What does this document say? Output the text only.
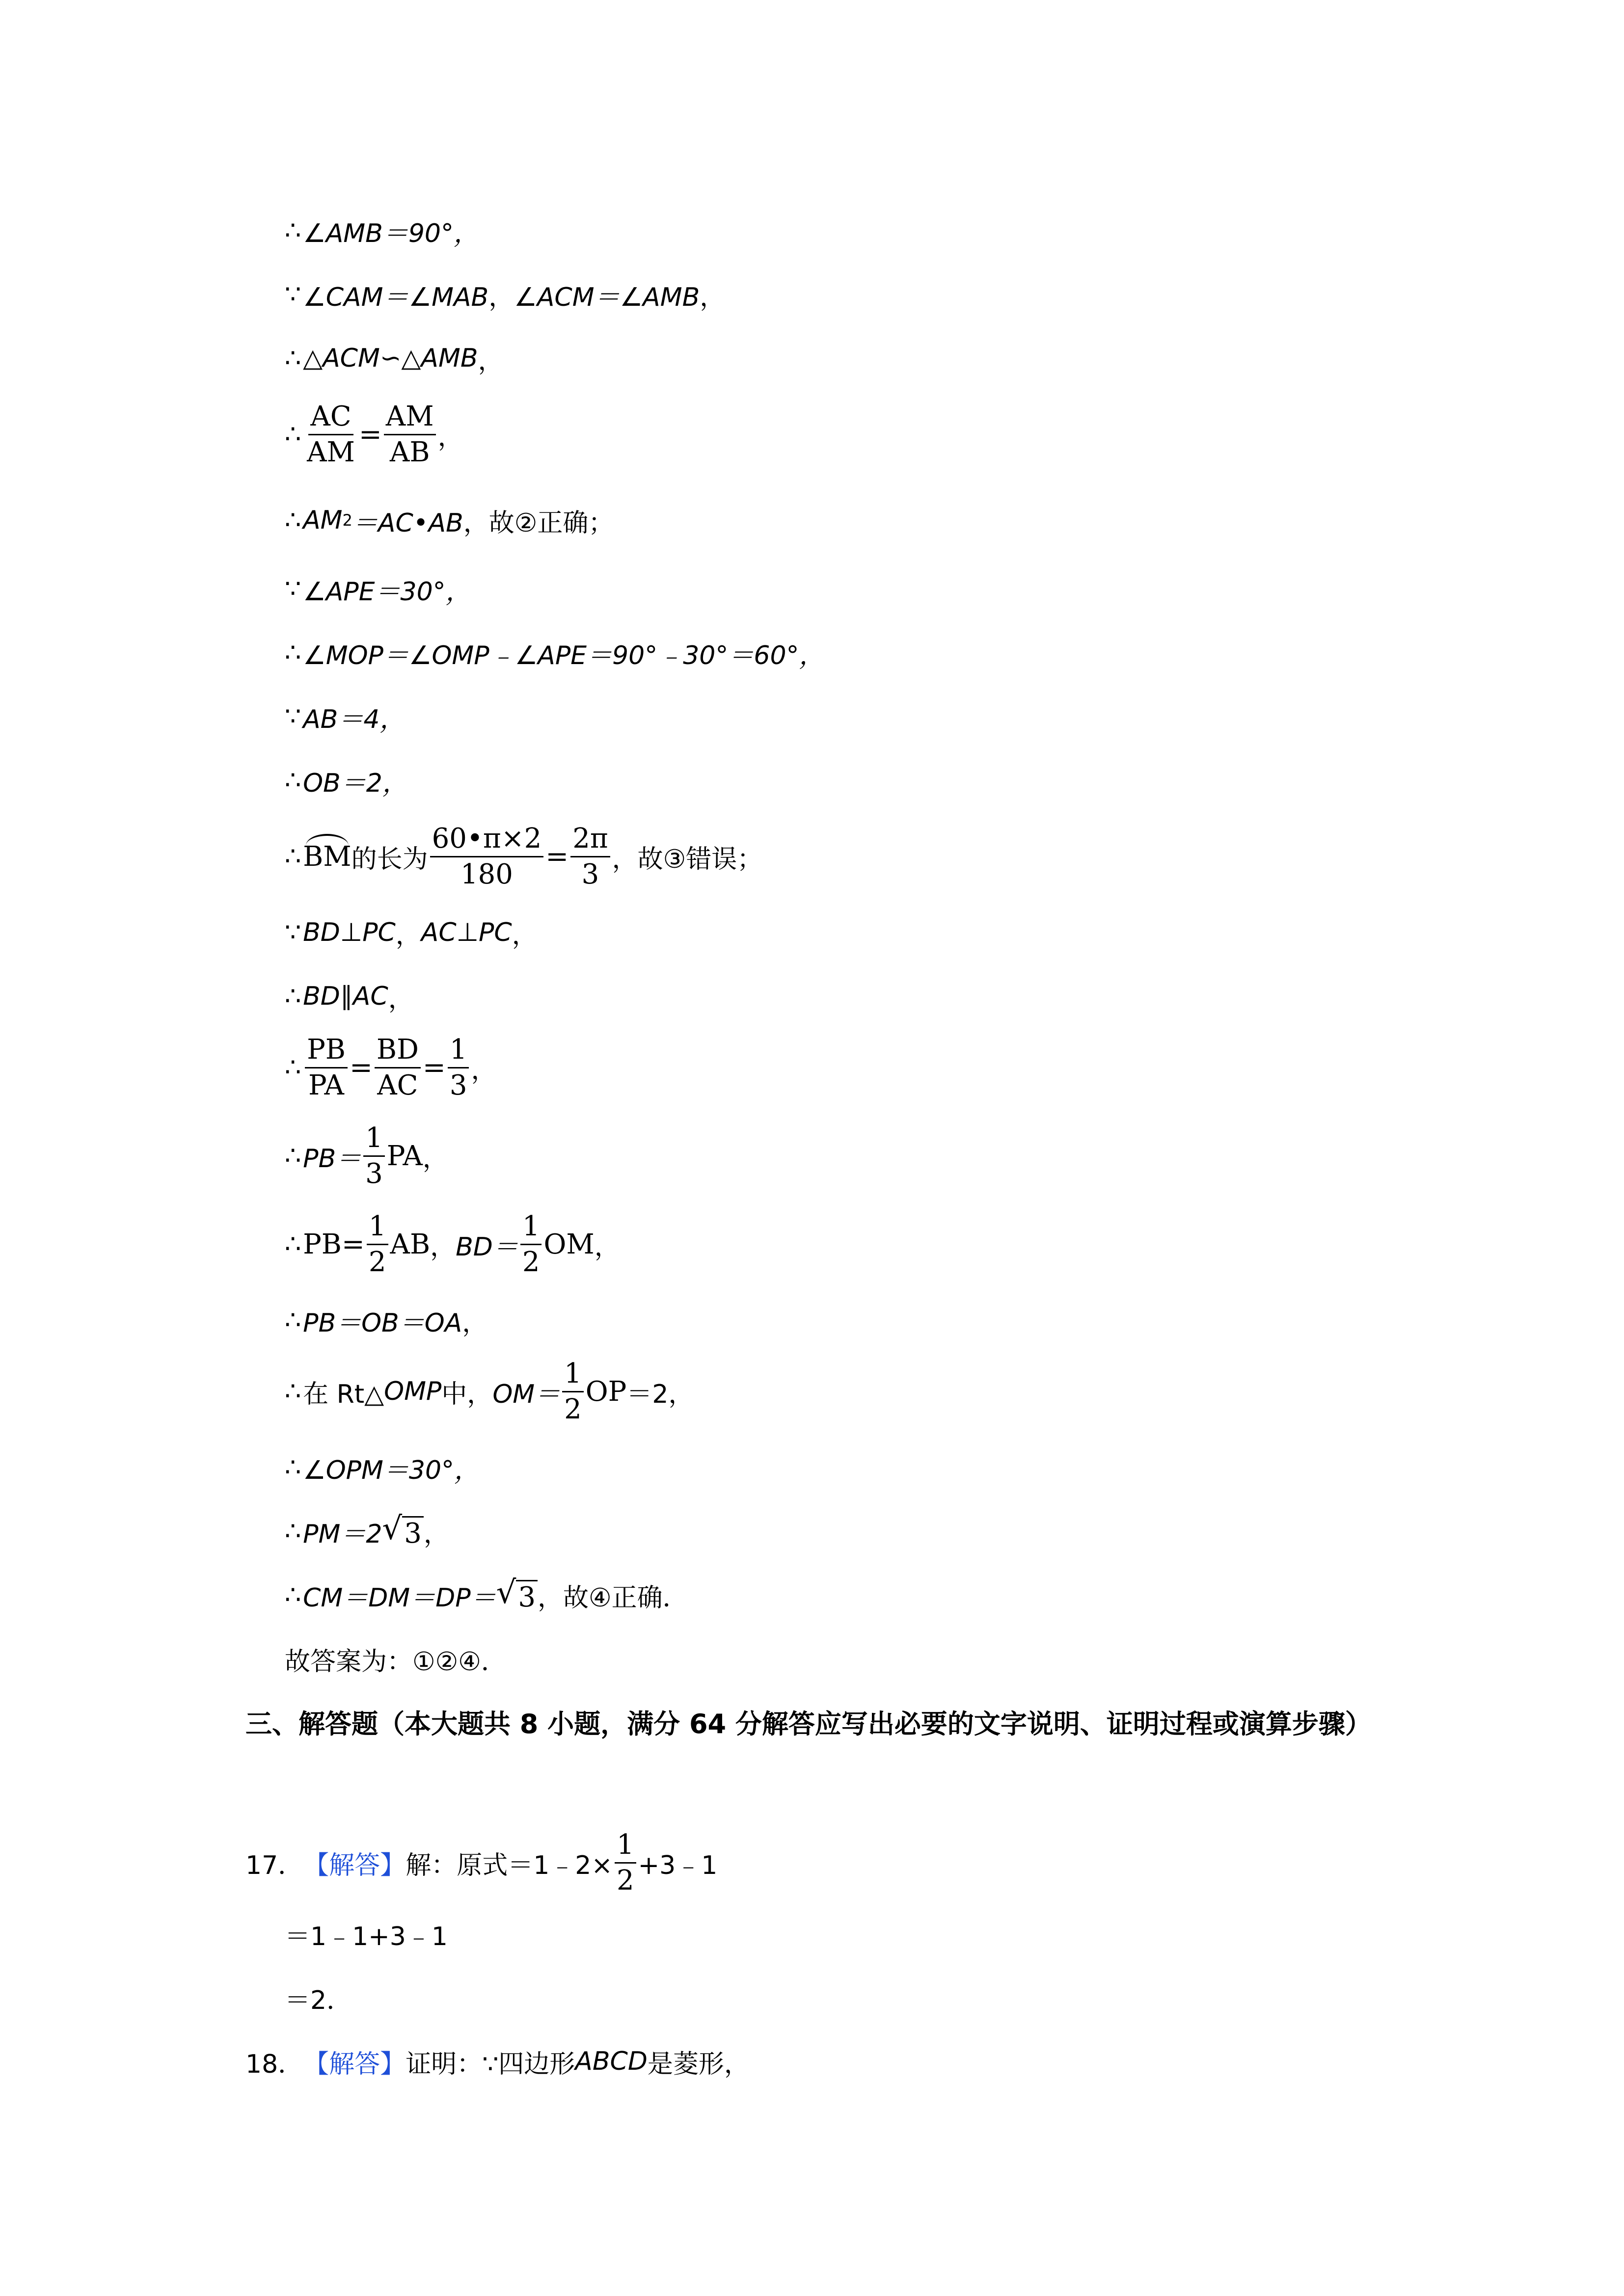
∴ ∠AMB＝90°，
∵ ∠CAM＝∠MAB ， ∠ACM＝∠AMB ，
∴ △ACM∽△AMB ，
∴ $\frac{AC}{AM} = \frac{AM}{AB}$ ，
∴ AM 2 ＝AC•AB ，故②正确；
∵ ∠APE＝30°，
∴ ∠MOP＝∠OMP﹣∠APE＝90°﹣30°＝60°，
∵ AB＝4，
∴ OB＝2，
∴ BM 的长为 $\frac{60•\pi\times 2}{180} = \frac{2\pi}{3}$ ，故③错误；
∵ BD⊥PC ， AC⊥PC ，
∴ BD∥AC ，
∴ $\frac{PB}{PA} = \frac{BD}{AC} = \frac{1}{3}$ ，
∴ $PB= \frac{1}{3}$ PA ，
∴ $PB= \frac{1}{2}$ AB ， $BD= \frac{1}{2}$ OM ，
∴ PB＝OB＝OA ，
∴ 在 Rt△ OMP 中， $OM= \frac{1}{2}$ OP ＝2，
∴ ∠OPM＝30°，
∴ PM＝2 √ 3 ，
∴ CM＝DM＝DP＝ √ 3 ，故④正确．
故答案为：①②④．
三、解答题（本大题共 8 小题，满分 64 分解答应写出必要的文字说明、证明过程或演算步骤）
17． 【解答】 解：原式＝1﹣2× $\frac{1}{2}$ +3﹣1
＝1﹣1+3﹣1
＝2．
18． 【解答】 证明：∵四边形 ABCD 是菱形，
